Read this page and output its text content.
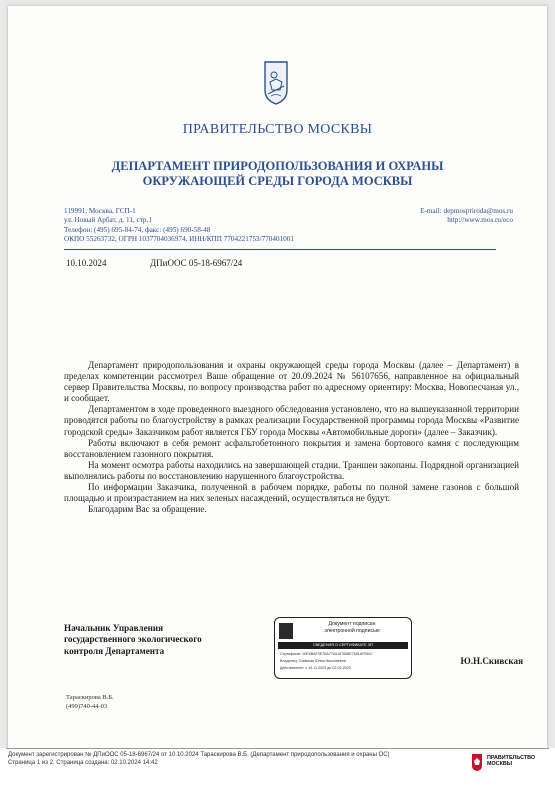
ПРАВИТЕЛЬСТВО МОСКВЫ
ДЕПАРТАМЕНТ ПРИРОДОПОЛЬЗОВАНИЯ И ОХРАНЫ
ОКРУЖАЮЩЕЙ СРЕДЫ ГОРОДА МОСКВЫ
119991, Москва, ГСП-1
ул. Новый Арбат, д. 11, стр.1
Телефон: (495) 695-84-74, факс: (495) 690-58-48
ОКПО 55263732, ОГРН 1037704036974, ИНН/КПП 7704221753/770401001
E-mail: depmospriroda@mos.ru
http://www.mos.ru/eco
10.10.2024	ДПиООС 05-18-6967/24

Департамент природопользования и охраны окружающей среды города Москвы (далее – Департамент) в пределах компетенции рассмотрел Ваше обращение от 20.09.2024 № 56107656, направленное на официальный сервер Правительства Москвы, по вопросу производства работ по адресному ориентиру: Москва, Новопесчаная ул., и сообщает.

Департаментом в ходе проведенного выездного обследования установлено, что на вышеуказанной территории проводятся работы по благоустройству в рамках реализации Государственной программы города Москвы «Развитие городской среды» Заказчиком работ является ГБУ города Москвы «Автомобильные дороги» (далее – Заказчик).

Работы включают в себя ремонт асфальтобетонного покрытия и замена бортового камня с последующим восстановлением газонного покрытия.

На момент осмотра работы находились на завершающей стадии. Траншеи закопаны. Подрядной организацией выполнялись работы по восстановлению нарушенного благоустройства.

По информации Заказчика, полученной в рабочем порядке, работы по полной замене газонов с большой площадью и произрастанием на них зеленых насаждений, осуществляться не будут.

Благодарим Вас за обращение.

Начальник Управления
государственного экологического
контроля Департамента
Документ подписан
электронной подписью
СВЕДЕНИЯ О СЕРТИФИКАТЕ ЭП
Сертификат: 00E6BAF0E7BA77A5167658E7681AF050C
Владелец: Скивская Юлия Николаевна
Действителен: с 19-11-2023 до 02-02-2025
Ю.Н.Скивская
Тараскирова В.Б.
(499)740-44-03
Документ зарегистрирован № ДПиООС 05-18-6967/24 от 10.10.2024 Тараскирова В.Б. (Департамент природопользования и охраны ОС)
Страница 1 из 2. Страница создана: 02.10.2024 14:42
ПРАВИТЕЛЬСТВО
МОСКВЫ
